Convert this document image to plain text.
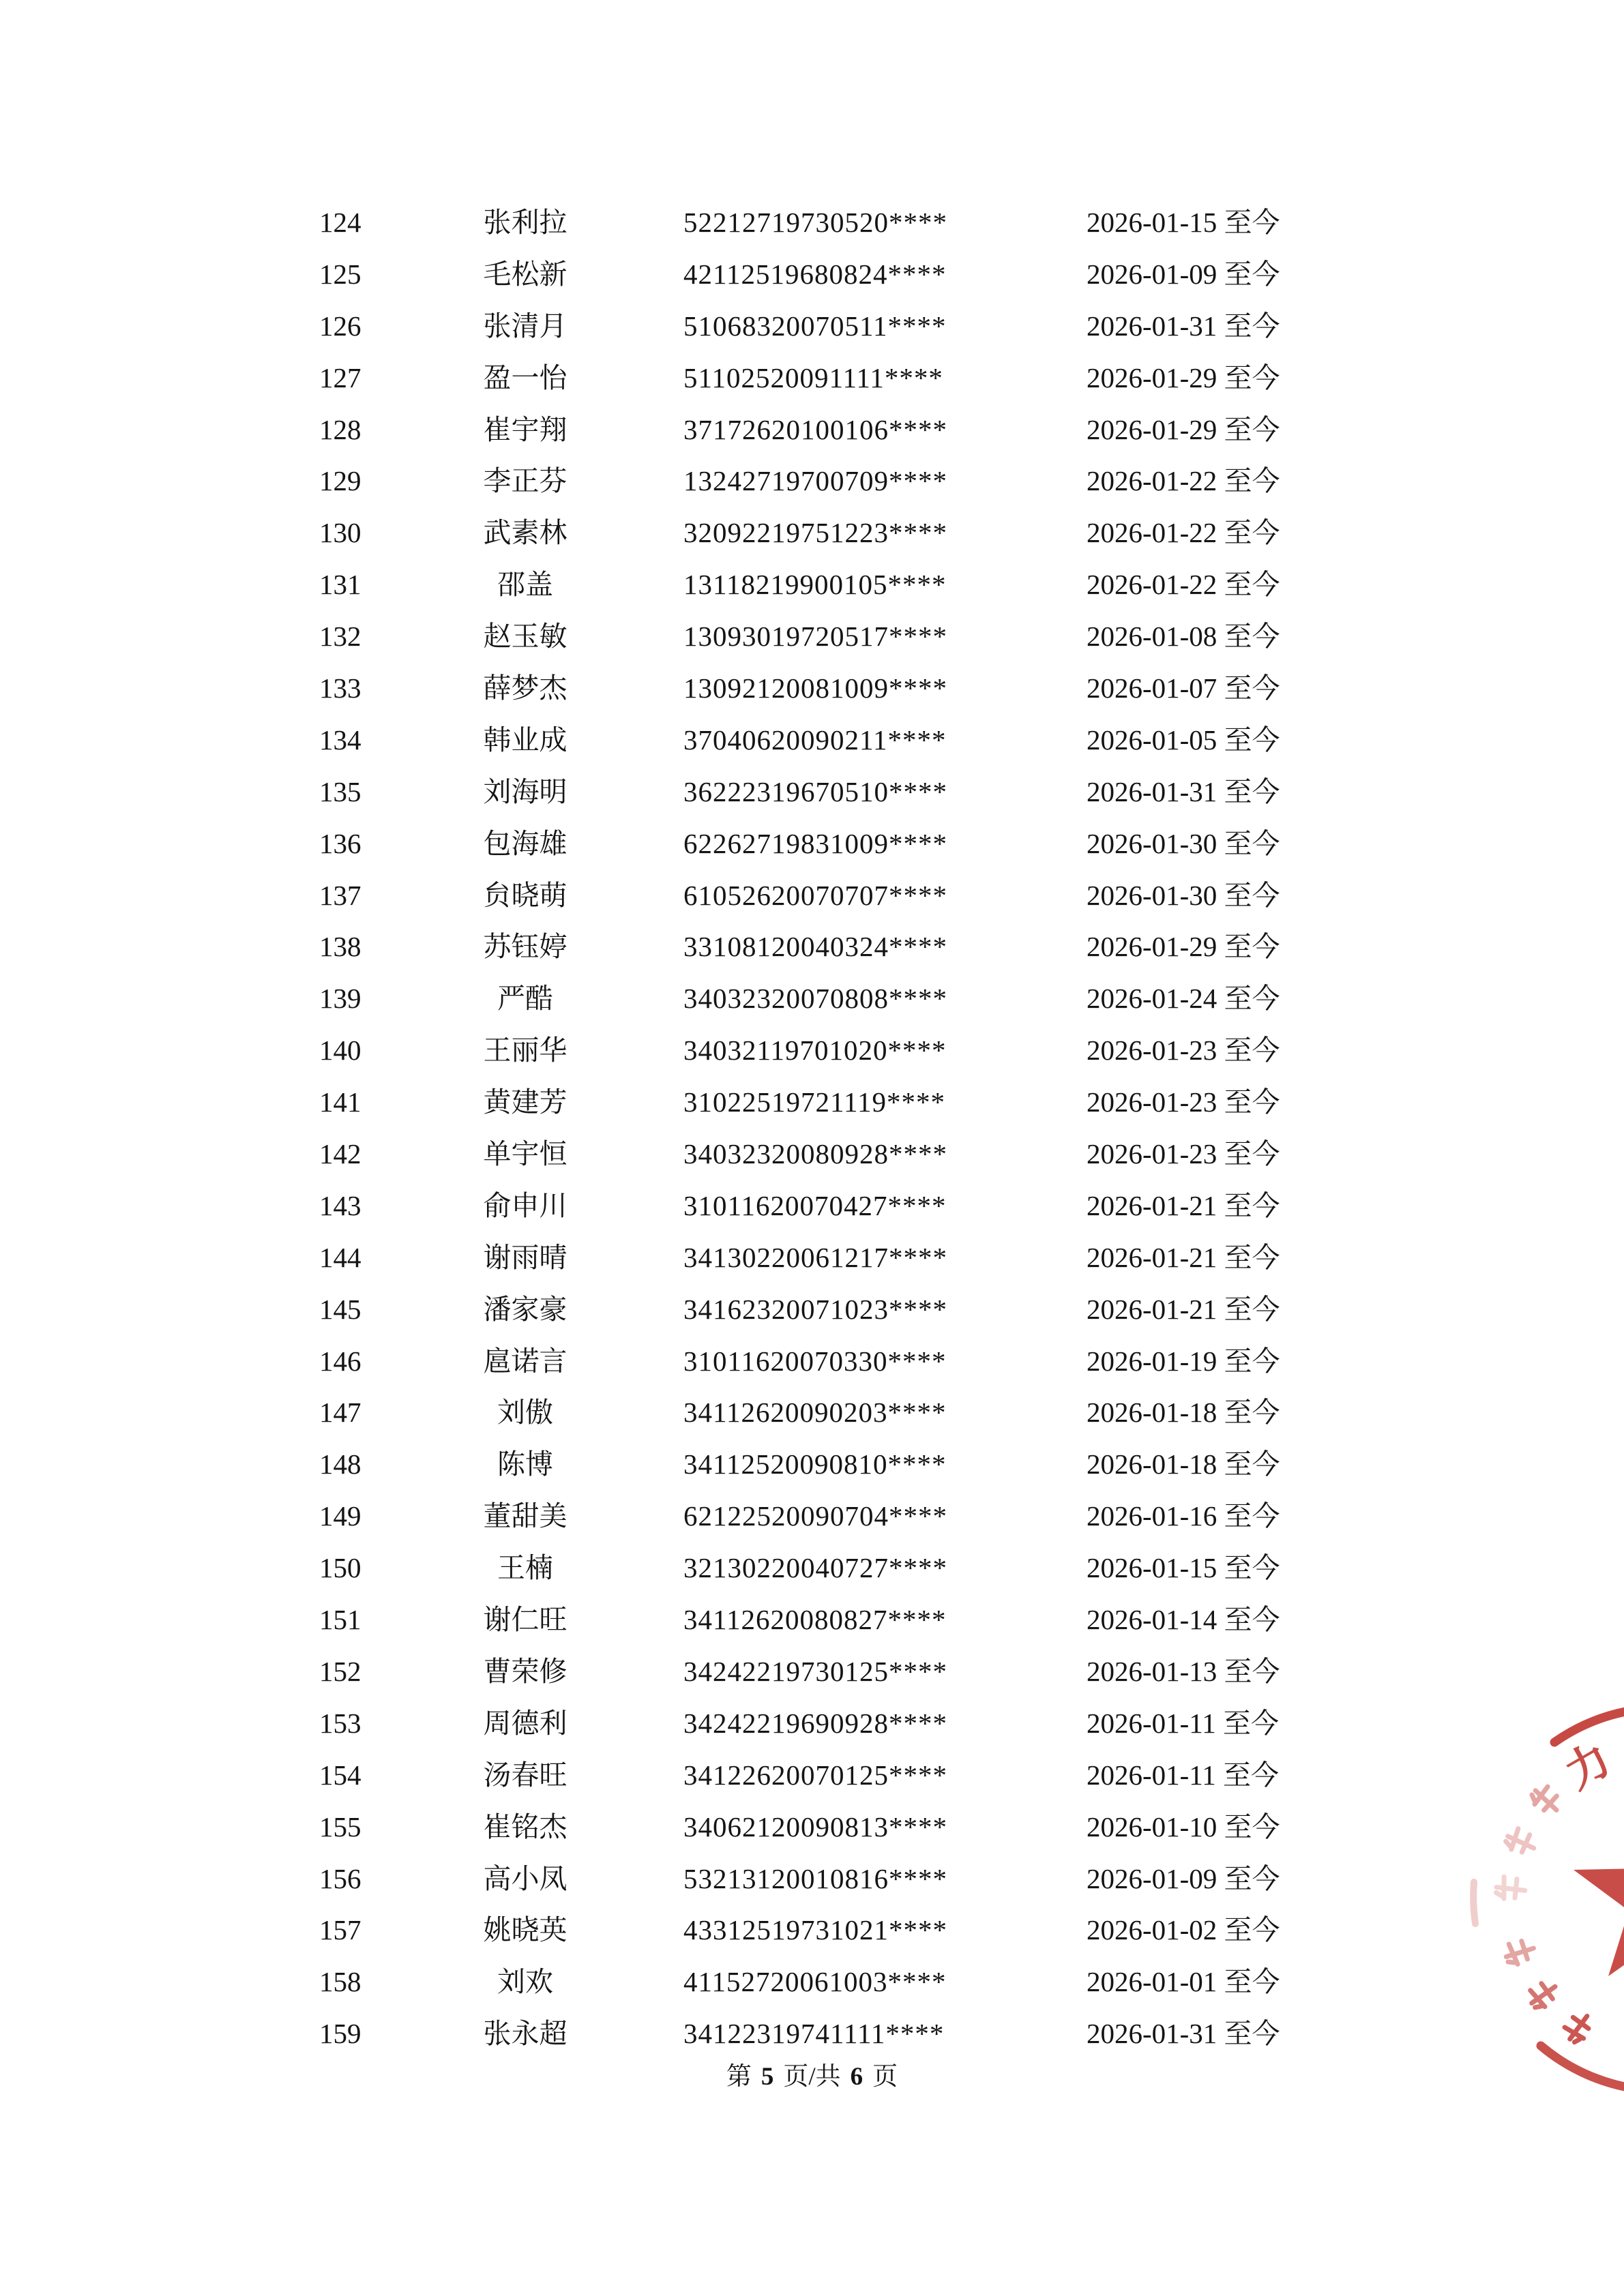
124	张利拉	52212719730520****	2026-01-15 至今
125	毛松新	42112519680824****	2026-01-09 至今
126	张清月	51068320070511****	2026-01-31 至今
127	盈一怡	51102520091111****	2026-01-29 至今
128	崔宇翔	37172620100106****	2026-01-29 至今
129	李正芬	13242719700709****	2026-01-22 至今
130	武素林	32092219751223****	2026-01-22 至今
131	邵盖	13118219900105****	2026-01-22 至今
132	赵玉敏	13093019720517****	2026-01-08 至今
133	薛梦杰	13092120081009****	2026-01-07 至今
134	韩业成	37040620090211****	2026-01-05 至今
135	刘海明	36222319670510****	2026-01-31 至今
136	包海雄	62262719831009****	2026-01-30 至今
137	贠晓萌	61052620070707****	2026-01-30 至今
138	苏钰婷	33108120040324****	2026-01-29 至今
139	严酷	34032320070808****	2026-01-24 至今
140	王丽华	34032119701020****	2026-01-23 至今
141	黄建芳	31022519721119****	2026-01-23 至今
142	单宇恒	34032320080928****	2026-01-23 至今
143	俞申川	31011620070427****	2026-01-21 至今
144	谢雨晴	34130220061217****	2026-01-21 至今
145	潘家豪	34162320071023****	2026-01-21 至今
146	扈诺言	31011620070330****	2026-01-19 至今
147	刘傲	34112620090203****	2026-01-18 至今
148	陈博	34112520090810****	2026-01-18 至今
149	董甜美	62122520090704****	2026-01-16 至今
150	王楠	32130220040727****	2026-01-15 至今
151	谢仁旺	34112620080827****	2026-01-14 至今
152	曹荣修	34242219730125****	2026-01-13 至今
153	周德利	34242219690928****	2026-01-11 至今
154	汤春旺	34122620070125****	2026-01-11 至今
155	崔铭杰	34062120090813****	2026-01-10 至今
156	高小凤	53213120010816****	2026-01-09 至今
157	姚晓英	43312519731021****	2026-01-02 至今
158	刘欢	41152720061003****	2026-01-01 至今
159	张永超	34122319741111****	2026-01-31 至今
第 5 页/共 6 页
力
